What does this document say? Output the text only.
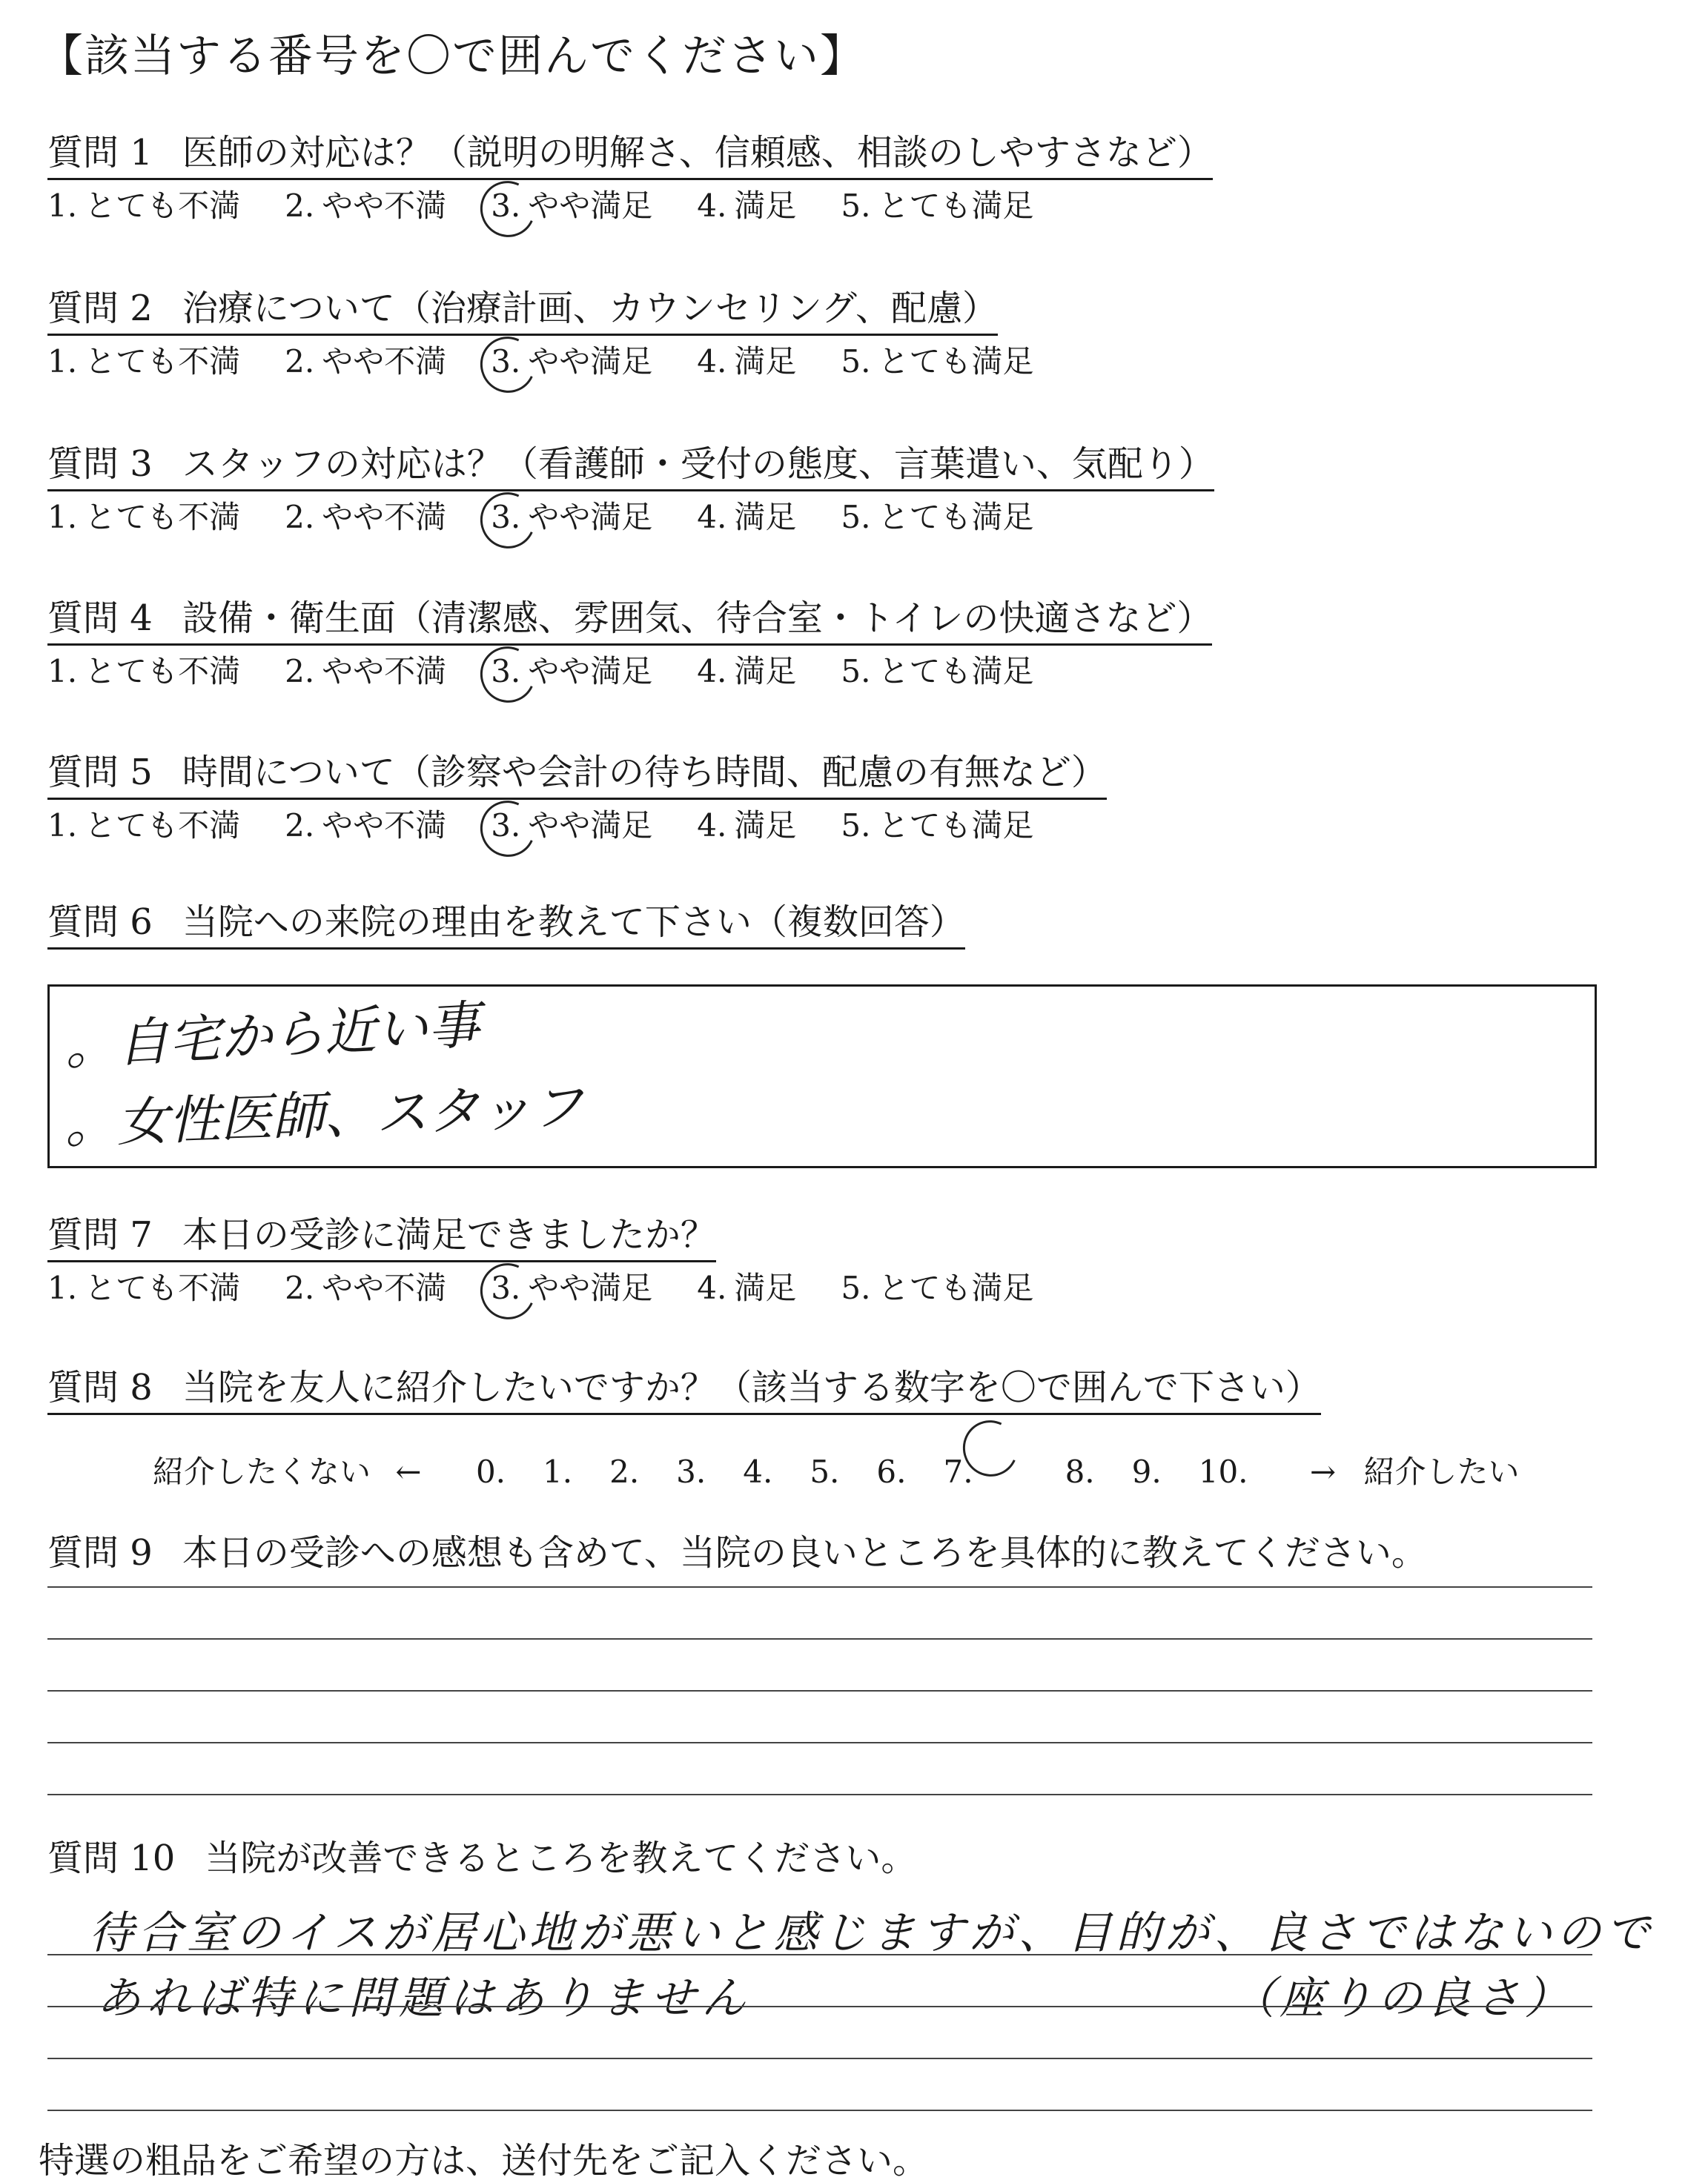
【該当する番号を〇で囲んでください】
質問 1 医師の対応は？（説明の明解さ、信頼感、相談のしやすさなど）
1. とても不満 2. やや不満 3. やや満足 4. 満足 5. とても満足
質問 2 治療について（治療計画、カウンセリング、配慮）
1. とても不満 2. やや不満 3. やや満足 4. 満足 5. とても満足
質問 3 スタッフの対応は？（看護師・受付の態度、言葉遣い、気配り）
1. とても不満 2. やや不満 3. やや満足 4. 満足 5. とても満足
質問 4 設備・衛生面（清潔感、雰囲気、待合室・トイレの快適さなど）
1. とても不満 2. やや不満 3. やや満足 4. 満足 5. とても満足
質問 5 時間について（診察や会計の待ち時間、配慮の有無など）
1. とても不満 2. やや不満 3. やや満足 4. 満足 5. とても満足
質問 6 当院への来院の理由を教えて下さい（複数回答）
。自宅から近い事
。女性医師、スタッフ
質問 7 本日の受診に満足できましたか？
1. とても不満 2. やや不満 3. やや満足 4. 満足 5. とても満足
質問 8 当院を友人に紹介したいですか？（該当する数字を〇で囲んで下さい）
紹介したくない ← 0. 1. 2. 3. 4. 5. 6. 7.	8. 9. 10. → 紹介したい
質問 9 本日の受診への感想も含めて、当院の良いところを具体的に教えてください。
質問 10 当院が改善できるところを教えてください。
待合室のイスが居心地が悪いと感じますが、目的が、良さではないので
あれば特に問題はありません	（座りの良さ）
特選の粗品をご希望の方は、送付先をご記入ください。
